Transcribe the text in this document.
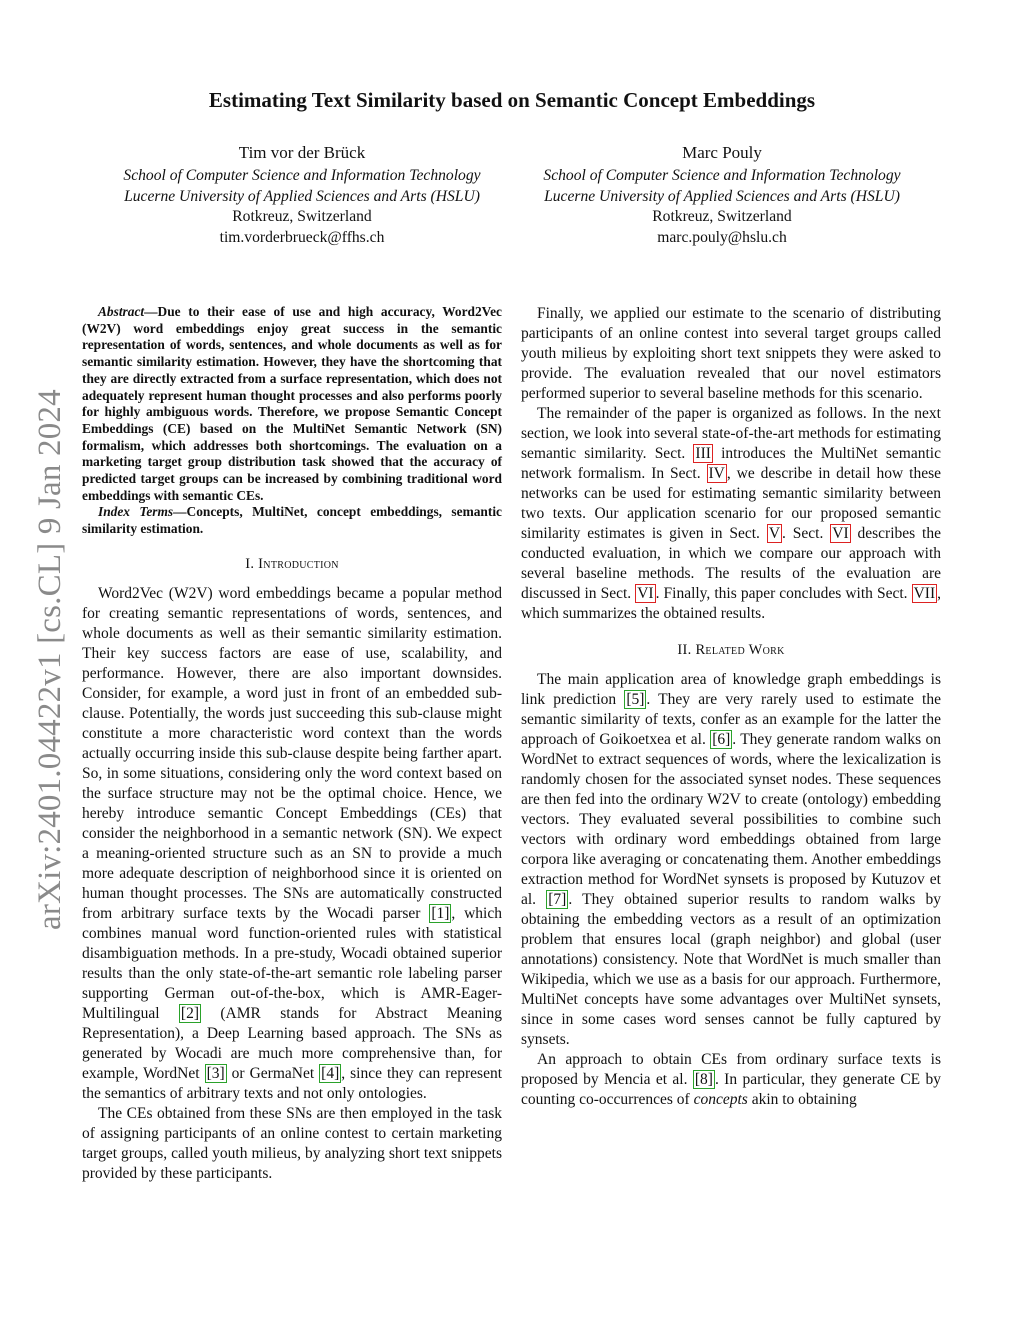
arXiv:2401.04422v1 [cs.CL] 9 Jan 2024
Estimating Text Similarity based on Semantic Concept Embeddings
Tim vor der Brück
School of Computer Science and Information Technology
Lucerne University of Applied Sciences and Arts (HSLU)
Rotkreuz, Switzerland
tim.vorderbrueck@ffhs.ch
Marc Pouly
School of Computer Science and Information Technology
Lucerne University of Applied Sciences and Arts (HSLU)
Rotkreuz, Switzerland
marc.pouly@hslu.ch

Abstract—Due to their ease of use and high accuracy, Word2Vec (W2V) word embeddings enjoy great success in the semantic representation of words, sentences, and whole documents as well as for semantic similarity estimation. However, they have the shortcoming that they are directly extracted from a surface representation, which does not adequately represent human thought processes and also performs poorly for highly ambiguous words. Therefore, we propose Semantic Concept Embeddings (CE) based on the MultiNet Semantic Network (SN) formalism, which addresses both shortcomings. The evaluation on a marketing target group distribution task showed that the accuracy of predicted target groups can be increased by combining traditional word embeddings with semantic CEs.

Index Terms—Concepts, MultiNet, concept embeddings, semantic similarity estimation.

I. Introduction

Word2Vec (W2V) word embeddings became a popular method for creating semantic representations of words, sentences, and whole documents as well as their semantic similarity estimation. Their key success factors are ease of use, scalability, and performance. However, there are also important downsides. Consider, for example, a word just in front of an embedded sub-clause. Potentially, the words just succeeding this sub-clause might constitute a more characteristic word context than the words actually occurring inside this sub-clause despite being farther apart. So, in some situations, considering only the word context based on the surface structure may not be the optimal choice. Hence, we hereby introduce semantic Concept Embeddings (CEs) that consider the neighborhood in a semantic network (SN). We expect a meaning-oriented structure such as an SN to provide a much more adequate description of neighborhood since it is oriented on human thought processes. The SNs are automatically constructed from arbitrary surface texts by the Wocadi parser [1] , which combines manual word function-oriented rules with statistical disambiguation methods. In a pre-study, Wocadi obtained superior results than the only state-of-the-art semantic role labeling parser supporting German out-of-the-box, which is AMR-Eager-Multilingual [2] (AMR stands for Abstract Meaning Representation), a Deep Learning based approach. The SNs as generated by Wocadi are much more comprehensive than, for example, WordNet [3] or GermaNet [4] , since they can represent the semantics of arbitrary texts and not only ontologies.

The CEs obtained from these SNs are then employed in the task of assigning participants of an online contest to certain marketing target groups, called youth milieus, by analyzing short text snippets provided by these participants.

Finally, we applied our estimate to the scenario of distributing participants of an online contest into several target groups called youth milieus by exploiting short text snippets they were asked to provide. The evaluation revealed that our novel estimators performed superior to several baseline methods for this scenario.

The remainder of the paper is organized as follows. In the next section, we look into several state-of-the-art methods for estimating semantic similarity. Sect. III introduces the MultiNet semantic network formalism. In Sect. IV , we describe in detail how these networks can be used for estimating semantic similarity between two texts. Our application scenario for our proposed semantic similarity estimates is given in Sect. V . Sect. VI describes the conducted evaluation, in which we compare our approach with several baseline methods. The results of the evaluation are discussed in Sect. VI . Finally, this paper concludes with Sect. VII , which summarizes the obtained results.

II. Related Work

The main application area of knowledge graph embeddings is link prediction [5] . They are very rarely used to estimate the semantic similarity of texts, confer as an example for the latter the approach of Goikoetxea et al. [6] . They generate random walks on WordNet to extract sequences of words, where the lexicalization is randomly chosen for the associated synset nodes. These sequences are then fed into the ordinary W2V to create (ontology) embedding vectors. They evaluated several possibilities to combine such vectors with ordinary word embeddings obtained from large corpora like averaging or concatenating them. Another embeddings extraction method for WordNet synsets is proposed by Kutuzov et al. [7] . They obtained superior results to random walks by obtaining the embedding vectors as a result of an optimization problem that ensures local (graph neighbor) and global (user annotations) consistency. Note that WordNet is much smaller than Wikipedia, which we use as a basis for our approach. Furthermore, MultiNet concepts have some advantages over MultiNet synsets, since in some cases word senses cannot be fully captured by synsets.

An approach to obtain CEs from ordinary surface texts is proposed by Mencia et al. [8] . In particular, they generate CE by counting co-occurrences of concepts akin to obtaining
